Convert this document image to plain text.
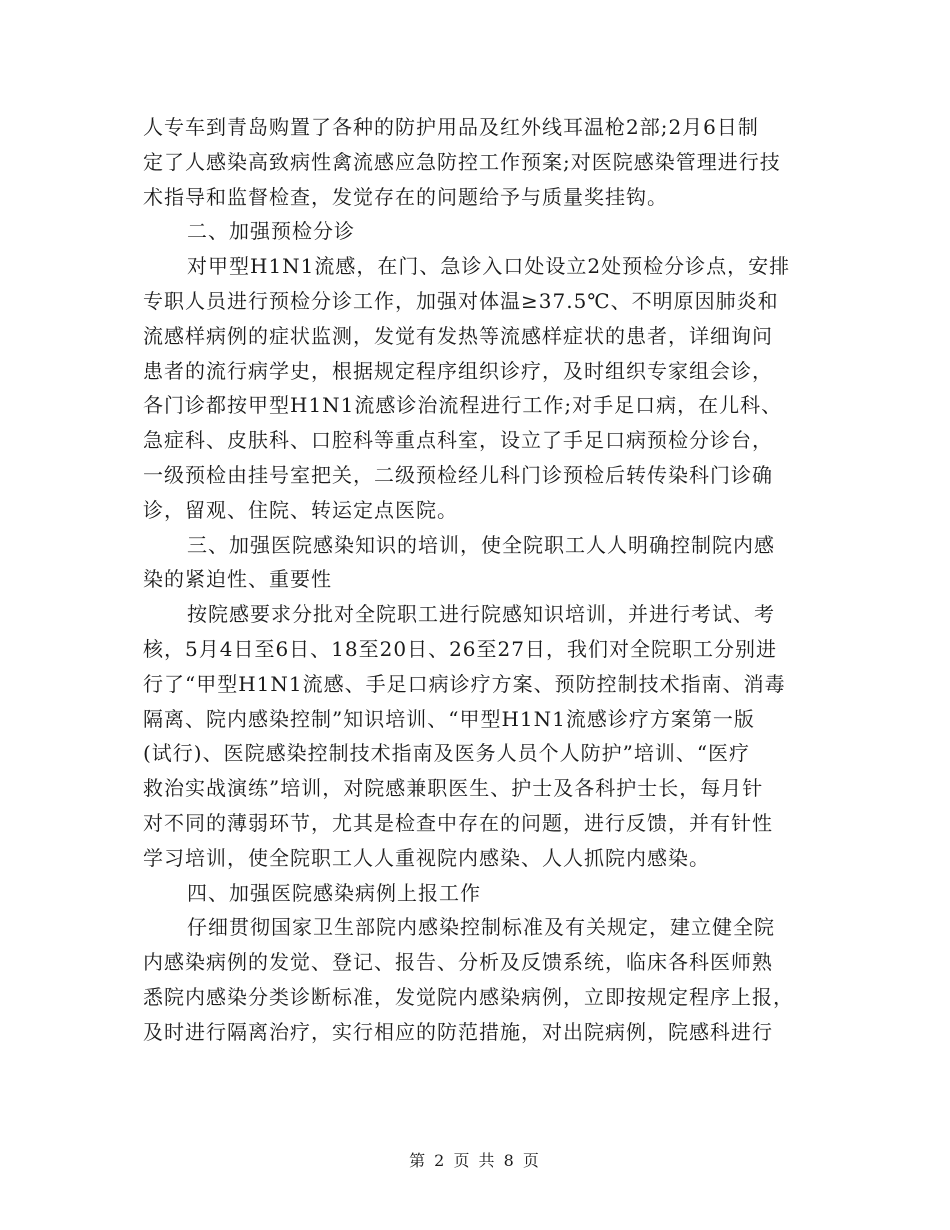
人专车到青岛购置了各种的防护用品及红外线耳温枪2部;2月6日制
定了人感染高致病性禽流感应急防控工作预案;对医院感染管理进行技
术指导和监督检查，发觉存在的问题给予与质量奖挂钩。
二、加强预检分诊
对甲型H1N1流感，在门、急诊入口处设立2处预检分诊点，安排
专职人员进行预检分诊工作，加强对体温≥37.5℃、不明原因肺炎和
流感样病例的症状监测，发觉有发热等流感样症状的患者，详细询问
患者的流行病学史，根据规定程序组织诊疗，及时组织专家组会诊，
各门诊都按甲型H1N1流感诊治流程进行工作;对手足口病，在儿科、
急症科、皮肤科、口腔科等重点科室，设立了手足口病预检分诊台，
一级预检由挂号室把关，二级预检经儿科门诊预检后转传染科门诊确
诊，留观、住院、转运定点医院。
三、加强医院感染知识的培训，使全院职工人人明确控制院内感
染的紧迫性、重要性
按院感要求分批对全院职工进行院感知识培训，并进行考试、考
核，5月4日至6日、18至20日、26至27日，我们对全院职工分别进
行了“甲型H1N1流感、手足口病诊疗方案、预防控制技术指南、消毒
隔离、院内感染控制”知识培训、“甲型H1N1流感诊疗方案第一版
(试行)、医院感染控制技术指南及医务人员个人防护”培训、“医疗
救治实战演练”培训，对院感兼职医生、护士及各科护士长，每月针
对不同的薄弱环节，尤其是检查中存在的问题，进行反馈，并有针性
学习培训，使全院职工人人重视院内感染、人人抓院内感染。
四、加强医院感染病例上报工作
仔细贯彻国家卫生部院内感染控制标准及有关规定，建立健全院
内感染病例的发觉、登记、报告、分析及反馈系统，临床各科医师熟
悉院内感染分类诊断标准，发觉院内感染病例，立即按规定程序上报，
及时进行隔离治疗，实行相应的防范措施，对出院病例，院感科进行
第 2 页 共 8 页
